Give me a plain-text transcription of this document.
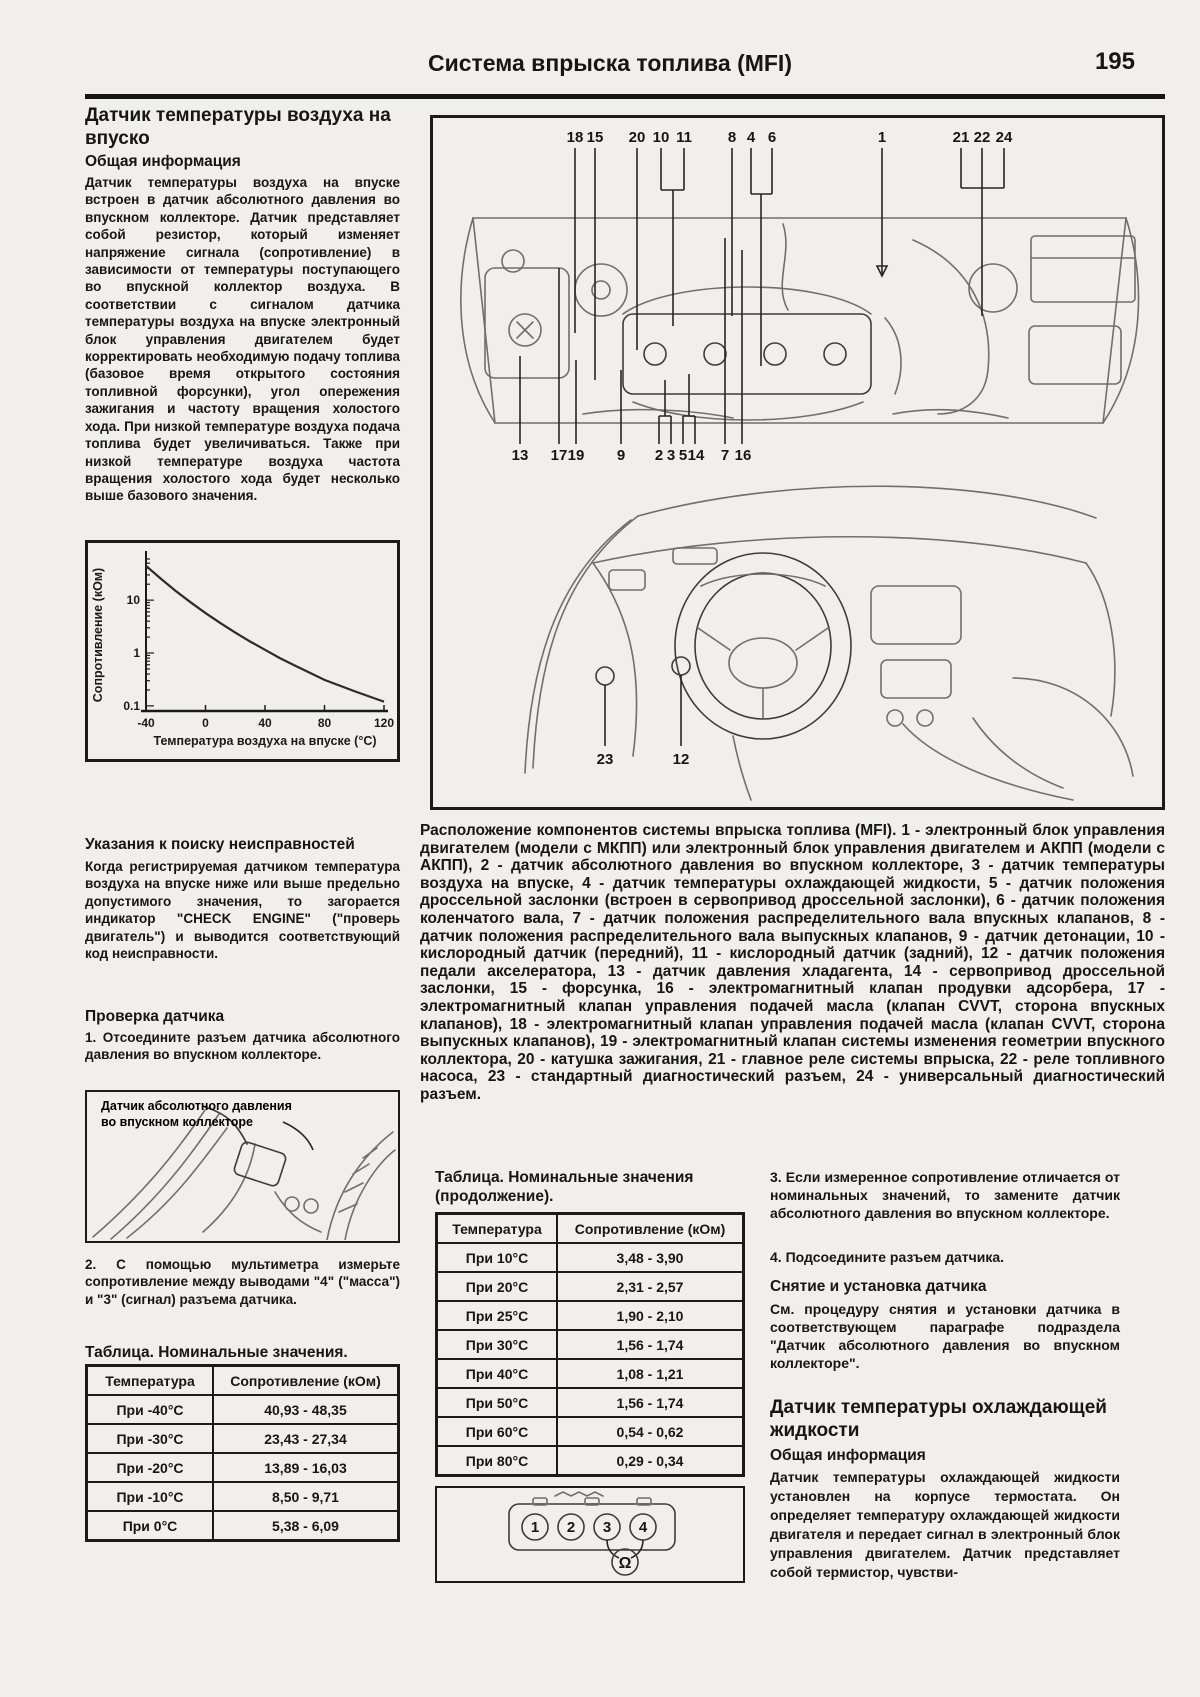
Система впрыска топлива (MFI)	195
Датчик температуры воздуха на впуско
Общая информация
Датчик температуры воздуха на впуске встроен в датчик абсолютного давления во впускном коллекторе. Датчик представляет собой резистор, который изменяет напряжение сигнала (сопротивление) в зависимости от температуры поступающего во впускной коллектор воздуха. В соответствии с сигналом датчика температуры воздуха на впуске электронный блок управления двигателем будет корректировать необходимую подачу топлива (базовое время открытого состояния топливной форсунки), угол опережения зажигания и частоту вращения холостого хода. При низкой температуре воздуха подача топлива будет увеличиваться. Также при низкой температуре воздуха частота вращения холостого хода будет несколько выше базового значения.
10
1
0.1
-40	0	40	80	120
Температура воздуха на впуске (°C)
Сопротивление (кОм)
Указания к поиску неисправностей
Когда регистрируемая датчиком температура воздуха на впуске ниже или выше предельно допустимого значения, то загорается индикатор "CHECK ENGINE" ("проверь двигатель") и выводится соответствующий код неисправности.
Проверка датчика
1. Отсоедините разъем датчика абсолютного давления во впускном коллекторе.
Датчик абсолютного давления
во впускном коллекторе
2. С помощью мультиметра измерьте сопротивление между выводами "4" ("масса") и "3" (сигнал) разъема датчика.
Таблица. Номинальные значения.
Температура	Сопротивление (кОм)
При -40°C	40,93 - 48,35
При -30°C	23,43 - 27,34
При -20°C	13,89 - 16,03
При -10°C	8,50 - 9,71
При 0°C	5,38 - 6,09
18 15 20 10 11 8 4 6	1	21 22 24
13 17 19 9 2 3 5 14 7 16
23	12
Расположение компонентов системы впрыска топлива (MFI). 1 - электронный блок управления двигателем (модели с МКПП) или электронный блок управления двигателем и АКПП (модели с АКПП), 2 - датчик абсолютного давления во впускном коллекторе, 3 - датчик температуры воздуха на впуске, 4 - датчик температуры охлаждающей жидкости, 5 - датчик положения дроссельной заслонки (встроен в сервопривод дроссельной заслонки), 6 - датчик положения коленчатого вала, 7 - датчик положения распределительного вала впускных клапанов, 8 - датчик положения распределительного вала выпускных клапанов, 9 - датчик детонации, 10 - кислородный датчик (передний), 11 - кислородный датчик (задний), 12 - датчик положения педали акселератора, 13 - датчик давления хладагента, 14 - сервопривод дроссельной заслонки, 15 - форсунка, 16 - электромагнитный клапан продувки адсорбера, 17 - электромагнитный клапан управления подачей масла (клапан CVVT, сторона впускных клапанов), 18 - электромагнитный клапан управления подачей масла (клапан CVVT, сторона выпускных клапанов), 19 - электромагнитный клапан системы изменения геометрии впускного коллектора, 20 - катушка зажигания, 21 - главное реле системы впрыска, 22 - реле топливного насоса, 23 - стандартный диагностический разъем, 24 - универсальный диагностический разъем.
Таблица. Номинальные значения
(продолжение).
Температура	Сопротивление (кОм)
При 10°C	3,48 - 3,90
При 20°C	2,31 - 2,57
При 25°C	1,90 - 2,10
При 30°C	1,56 - 1,74
При 40°C	1,08 - 1,21
При 50°C	1,56 - 1,74
При 60°C	0,54 - 0,62
При 80°C	0,29 - 0,34
1 2 3 4
Ω
3. Если измеренное сопротивление отличается от номинальных значений, то замените датчик абсолютного давления во впускном коллекторе.
4. Подсоедините разъем датчика.
Снятие и установка датчика
См. процедуру снятия и установки датчика в соответствующем параграфе подраздела "Датчик абсолютного давления во впускном коллекторе".
Датчик температуры охлаждающей жидкости
Общая информация
Датчик температуры охлаждающей жидкости установлен на корпусе термостата. Он определяет температуру охлаждающей жидкости двигателя и передает сигнал в электронный блок управления двигателем. Датчик представляет собой термистор, чувстви-
